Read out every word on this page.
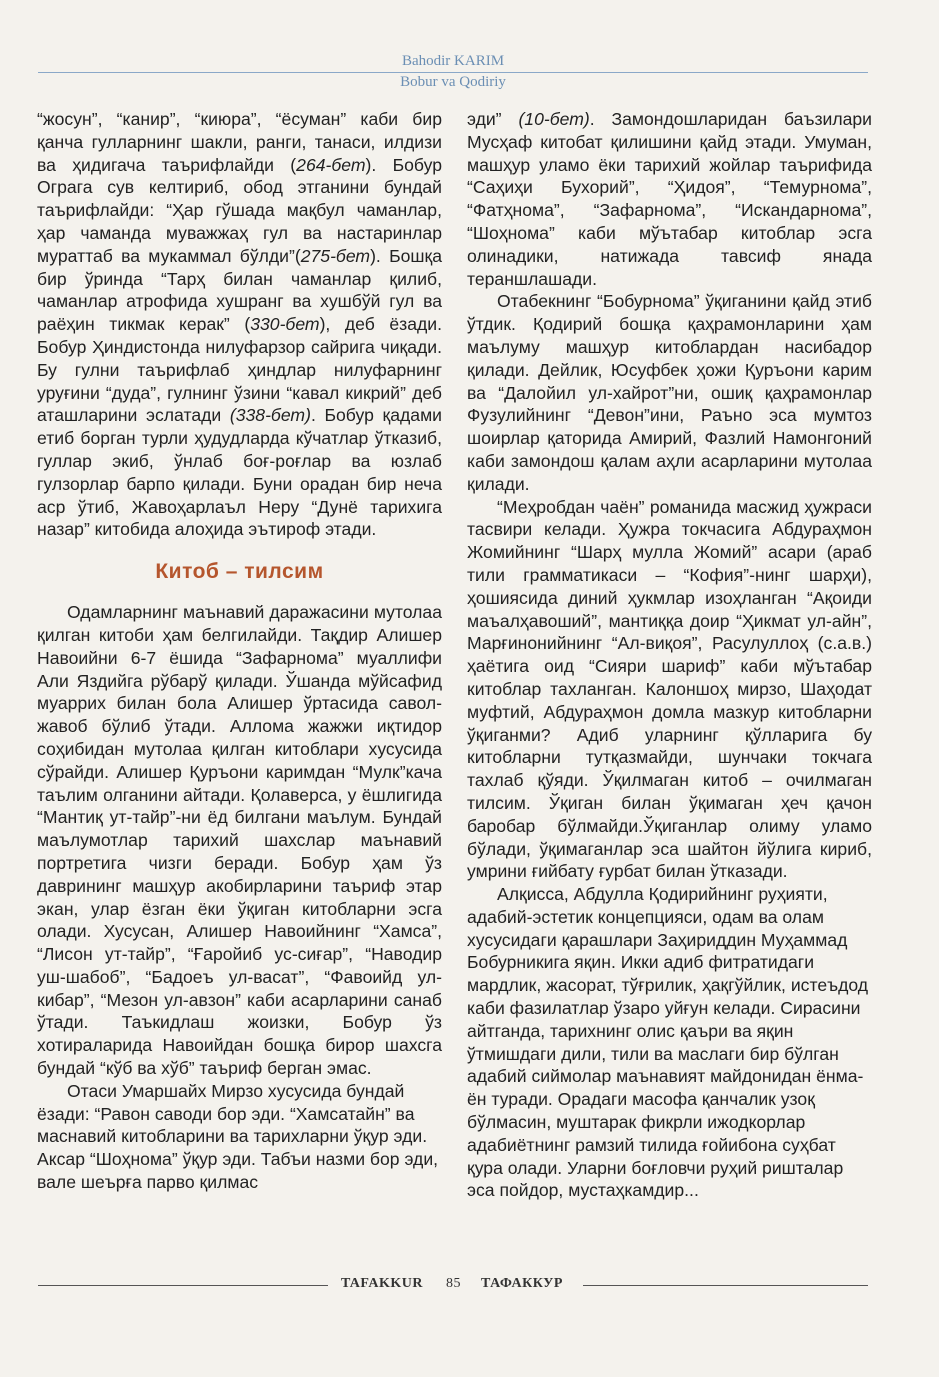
Bahodir KARIM
Bobur va Qodiriy

“жосун”, “канир”, “киюра”, “ёсуман” каби бир қанча гулларнинг шакли, ранги, танаси, илдизи ва ҳидигача таърифлайди (264-бет). Бобур Ограга сув келтириб, обод этганини бундай таърифлайди: “Ҳар гўшада мақбул чаманлар, ҳар чаманда муважжаҳ гул ва настаринлар мураттаб ва мукаммал бўлди”(275-бет). Бошқа бир ўринда “Тарҳ билан чаманлар қилиб, чаманлар атрофида хушранг ва хушбўй гул ва раёҳин тикмак керак” (330-бет), деб ёзади. Бобур Ҳиндистонда нилуфарзор сайрига чиқади. Бу гулни таърифлаб ҳиндлар нилуфарнинг уруғини “дуда”, гулнинг ўзини “кавал кикрий” деб аташларини эслатади (338-бет). Бобур қадами етиб борган турли ҳудудларда кўчатлар ўтказиб, гуллар экиб, ўнлаб боғ-роғлар ва юзлаб гулзорлар барпо қилади. Буни орадан бир неча аср ўтиб, Жавоҳарлаъл Неру “Дунё тарихига назар” китобида алоҳида эътироф этади.

Китоб – тилсим

Одамларнинг маънавий даражасини мутолаа қилган китоби ҳам белгилайди. Тақдир Алишер Навоийни 6-7 ёшида “Зафарнома” муаллифи Али Яздийга рўбарў қилади. Ўшанда мўйсафид муаррих билан бола Алишер ўртасида савол-жавоб бўлиб ўтади. Аллома жажжи иқтидор соҳибидан мутолаа қилган китоблари хусусида сўрайди. Алишер Қуръони каримдан “Мулк”кача таълим олганини айтади. Қолаверса, у ёшлигида “Мантиқ ут-тайр”-ни ёд билгани маълум. Бундай маълумотлар тарихий шахслар маънавий портретига чизги беради. Бобур ҳам ўз даврининг машҳур акобирларини таъриф этар экан, улар ёзган ёки ўқиган китобларни эсга олади. Хусусан, Алишер Навоийнинг “Хамса”, “Лисон ут-тайр”, “Ғаройиб ус-сиғар”, “Наводир уш-шабоб”, “Бадоеъ ул-васат”, “Фавоийд ул-кибар”, “Мезон ул-авзон” каби асарларини санаб ўтади. Таъкидлаш жоизки, Бобур ўз хотираларида Навоийдан бошқа бирор шахсга бундай “кўб ва хўб” таъриф берган эмас.

Отаси Умаршайх Мирзо хусусида бундай ёзади: “Равон саводи бор эди. “Хамсатайн” ва маснавий китобларини ва тарихларни ўқур эди. Аксар “Шоҳнома” ўқур эди. Табъи назми бор эди, вале шеърға парво қилмас

эди” (10-бет). Замондошларидан баъзилари Мусҳаф китобат қилишини қайд этади. Умуман, машҳур уламо ёки тарихий жойлар таърифида “Саҳиҳи Бухорий”, “Ҳидоя”, “Темурнома”, “Фатҳнома”, “Зафарнома”, “Искандарнома”, “Шоҳнома” каби мўътабар китоблар эсга олинадики, натижада тавсиф янада тераншлашади.

Отабекнинг “Бобурнома” ўқиганини қайд этиб ўтдик. Қодирий бошқа қаҳрамонларини ҳам маълуму машҳур китоблардан насибадор қилади. Дейлик, Юсуфбек ҳожи Қуръони карим ва “Далойил ул-хайрот”ни, ошиқ қаҳрамонлар Фузулийнинг “Девон”ини, Раъно эса мумтоз шоирлар қаторида Амирий, Фазлий Намонгоний каби замондош қалам аҳли асарларини мутолаа қилади.

“Меҳробдан чаён” романида масжид ҳужраси тасвири келади. Ҳужра токчасига Абдураҳмон Жомийнинг “Шарҳ мулла Жомий” асари (араб тили грамматикаси – “Кофия”-нинг шарҳи), ҳошиясида диний ҳукмлар изоҳланган “Ақоиди маъалҳавоший”, мантиққа доир “Ҳикмат ул-айн”, Марғинонийнинг “Ал-виқоя”, Расулуллоҳ (с.а.в.) ҳаётига оид “Сияри шариф” каби мўътабар китоблар тахланган. Калоншоҳ мирзо, Шаҳодат муфтий, Абдураҳмон домла мазкур китобларни ўқиганми? Адиб уларнинг қўлларига бу китобларни тутқазмайди, шунчаки токчага тахлаб қўяди. Ўқилмаган китоб – очилмаган тилсим. Ўқиган билан ўқимаган ҳеч қачон баробар бўлмайди.Ўқиганлар олиму уламо бўлади, ўқимаганлар эса шайтон йўлига кириб, умрини ғийбату ғурбат билан ўтказади.

Алқисса, Абдулла Қодирийнинг руҳияти, адабий-эстетик концепцияси, одам ва олам хусусидаги қарашлари Заҳириддин Муҳаммад Бобурникига яқин. Икки адиб фитратидаги мардлик, жасорат, тўғрилик, ҳақгўйлик, истеъдод каби фазилатлар ўзаро уйғун келади. Сирасини айтганда, тарихнинг олис қаъри ва яқин ўтмишдаги дили, тили ва маслаги бир бўлган адабий сиймолар маънавият майдонидан ёнма-ён туради. Орадаги масофа қанчалик узоқ бўлмасин, муштарак фикрли ижодкорлар адабиётнинг рамзий тилида ғойибона суҳбат қура олади. Уларни боғловчи руҳий ришталар эса пойдор, мустаҳкамдир...

TAFAKKUR 85 ТАФАККУР
